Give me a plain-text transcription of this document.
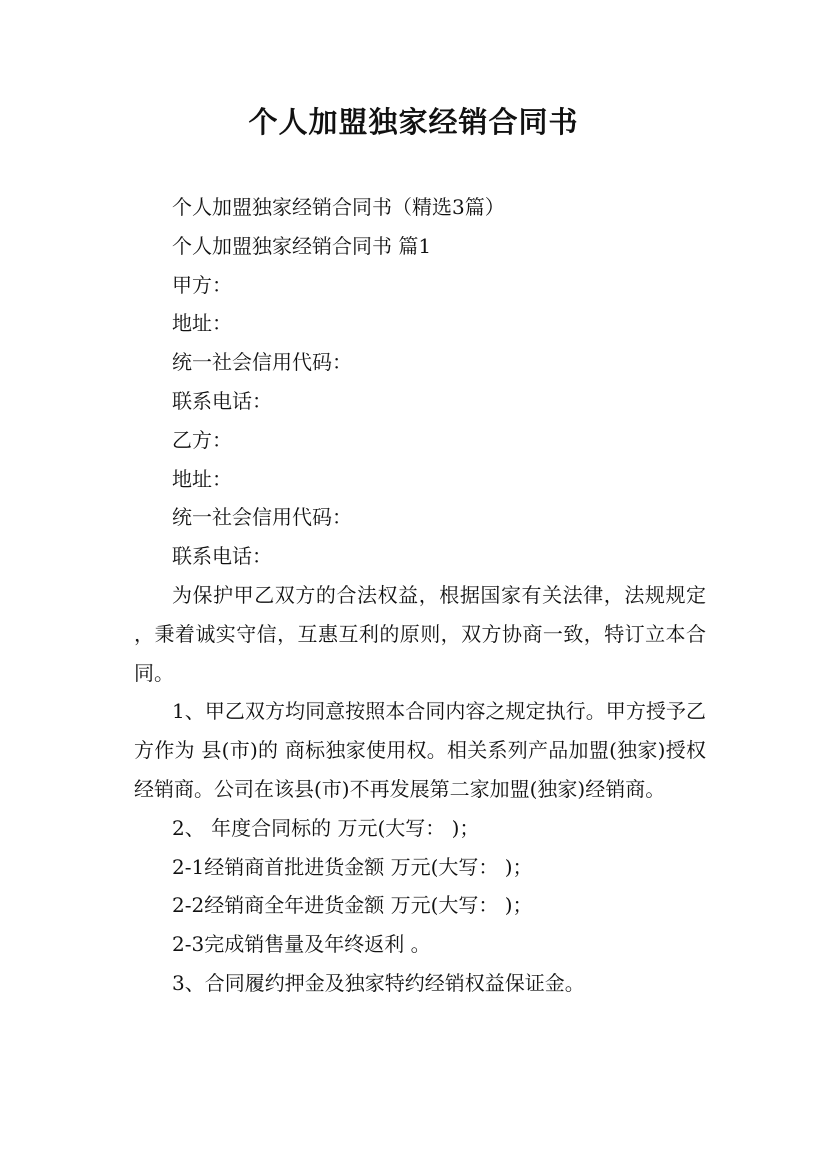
个人加盟独家经销合同书

个人加盟独家经销合同书（精选3篇）

个人加盟独家经销合同书 篇1

甲方：

地址：

统一社会信用代码：

联系电话：

乙方：

地址：

统一社会信用代码：

联系电话：

为保护甲乙双方的合法权益，根据国家有关法律，法规规定，秉着诚实守信，互惠互利的原则，双方协商一致，特订立本合同。

1、甲乙双方均同意按照本合同内容之规定执行。甲方授予乙方作为 县(市)的 商标独家使用权。相关系列产品加盟(独家)授权经销商。公司在该县(市)不再发展第二家加盟(独家)经销商。

2、 年度合同标的 万元(大写： )；

2-1经销商首批进货金额 万元(大写： )；

2-2经销商全年进货金额 万元(大写： )；

2-3完成销售量及年终返利 。

3、合同履约押金及独家特约经销权益保证金。
